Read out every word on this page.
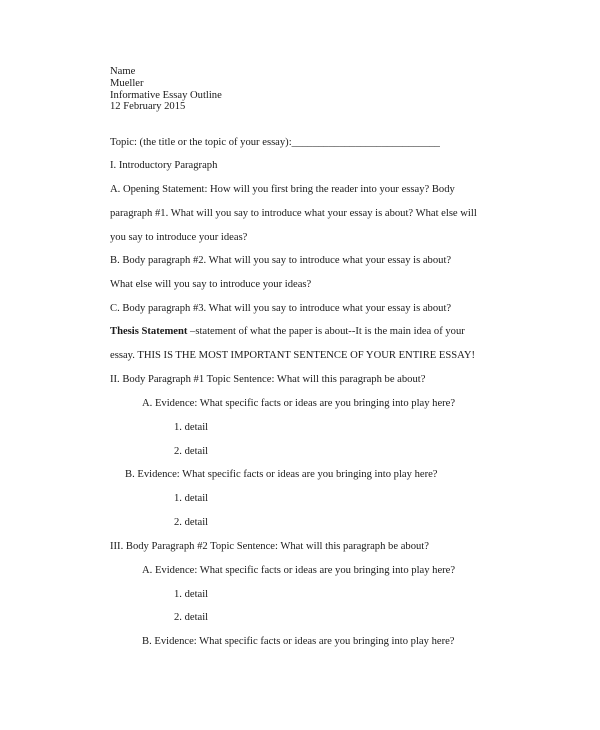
Name
Mueller
Informative Essay Outline
12 February 2015
Topic: (the title or the topic of your essay):____________________________
I. Introductory Paragraph
A. Opening Statement: How will you first bring the reader into your essay? Body
paragraph #1. What will you say to introduce what your essay is about? What else will
you say to introduce your ideas?
B. Body paragraph #2. What will you say to introduce what your essay is about?
What else will you say to introduce your ideas?
C. Body paragraph #3. What will you say to introduce what your essay is about?
Thesis Statement –statement of what the paper is about--It is the main idea of your
essay. THIS IS THE MOST IMPORTANT SENTENCE OF YOUR ENTIRE ESSAY!
II. Body Paragraph #1 Topic Sentence: What will this paragraph be about?
A. Evidence: What specific facts or ideas are you bringing into play here?
1. detail
2. detail
B. Evidence: What specific facts or ideas are you bringing into play here?
1. detail
2. detail
III. Body Paragraph #2 Topic Sentence: What will this paragraph be about?
A. Evidence: What specific facts or ideas are you bringing into play here?
1. detail
2. detail
B. Evidence: What specific facts or ideas are you bringing into play here?
